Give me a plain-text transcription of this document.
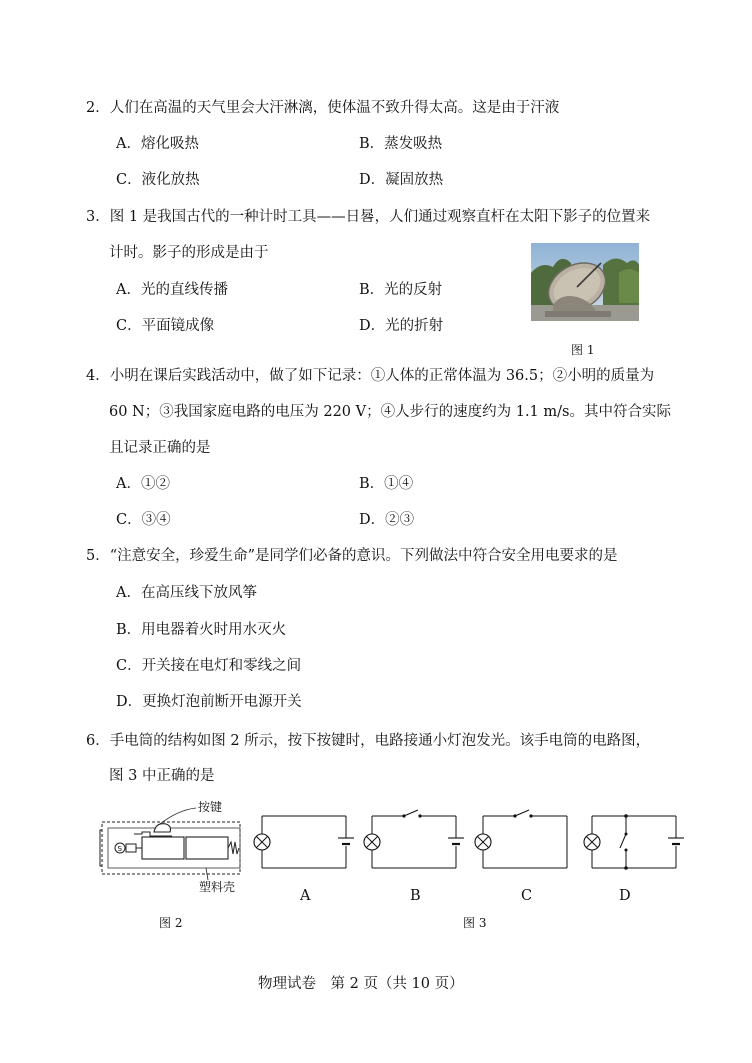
2．人们在高温的天气里会大汗淋漓，使体温不致升得太高。这是由于汗液
A．熔化吸热	B．蒸发吸热
C．液化放热	D．凝固放热
3．图 1 是我国古代的一种计时工具——日晷，人们通过观察直杆在太阳下影子的位置来
计时。影子的形成是由于
A．光的直线传播	B．光的反射
C．平面镜成像	D．光的折射
图 1
4．小明在课后实践活动中，做了如下记录：①人体的正常体温为 36.5；②小明的质量为
60 N；③我国家庭电路的电压为 220 V；④人步行的速度约为 1.1 m/s。其中符合实际
且记录正确的是
A．①②	B．①④
C．③④	D．②③
5．“注意安全，珍爱生命”是同学们必备的意识。下列做法中符合安全用电要求的是
A．在高压线下放风筝
B．用电器着火时用水灭火
C．开关接在电灯和零线之间
D．更换灯泡前断开电源开关
6．手电筒的结构如图 2 所示，按下按键时，电路接通小灯泡发光。该手电筒的电路图，
图 3 中正确的是
S
按键
塑料壳
图 2
A	B	C	D
图 3
物理试卷　第 2 页（共 10 页）
